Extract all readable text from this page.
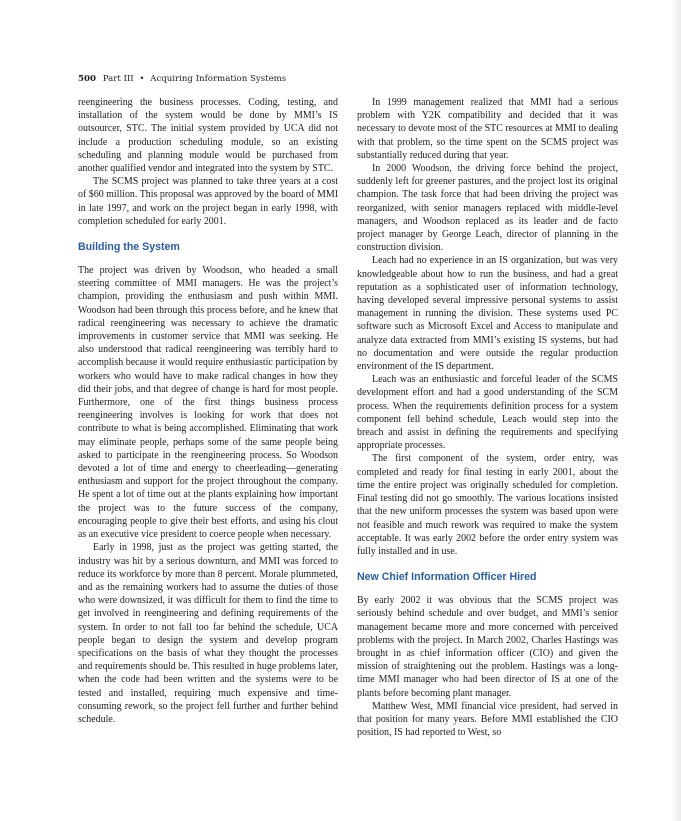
500 Part III • Acquiring Information Systems

reengineering the business processes. Coding, testing, and installation of the system would be done by MMI’s IS outsourcer, STC. The initial system provided by UCA did not include a production scheduling module, so an existing scheduling and planning module would be purchased from another qualified vendor and integrated into the system by STC.

The SCMS project was planned to take three years at a cost of $60 million. This proposal was approved by the board of MMI in late 1997, and work on the project began in early 1998, with completion scheduled for early 2001.

Building the System

The project was driven by Woodson, who headed a small steering committee of MMI managers. He was the project’s champion, providing the enthusiasm and push within MMI. Woodson had been through this process before, and he knew that radical reengineering was necessary to achieve the dramatic improvements in customer service that MMI was seeking. He also understood that radical reengineering was terribly hard to accomplish because it would require enthusiastic participation by workers who would have to make radical changes in how they did their jobs, and that degree of change is hard for most people. Furthermore, one of the first things business process reengineering involves is looking for work that does not contribute to what is being accomplished. Eliminating that work may eliminate people, perhaps some of the same people being asked to participate in the reengineering process. So Woodson devoted a lot of time and energy to cheerleading—generating enthusiasm and support for the project throughout the company. He spent a lot of time out at the plants explaining how important the project was to the future success of the company, encouraging people to give their best efforts, and using his clout as an executive vice president to coerce people when necessary.

Early in 1998, just as the project was getting started, the industry was hit by a serious downturn, and MMI was forced to reduce its workforce by more than 8 percent. Morale plummeted, and as the remaining workers had to assume the duties of those who were downsized, it was difficult for them to find the time to get involved in reengineering and defining requirements of the system. In order to not fall too far behind the schedule, UCA people began to design the system and develop program specifications on the basis of what they thought the processes and requirements should be. This resulted in huge problems later, when the code had been written and the systems were to be tested and installed, requiring much expensive and time-consuming rework, so the project fell further and further behind schedule.

In 1999 management realized that MMI had a serious problem with Y2K compatibility and decided that it was necessary to devote most of the STC resources at MMI to dealing with that problem, so the time spent on the SCMS project was substantially reduced during that year.

In 2000 Woodson, the driving force behind the project, suddenly left for greener pastures, and the project lost its original champion. The task force that had been driving the project was reorganized, with senior managers replaced with middle-level managers, and Woodson replaced as its leader and de facto project manager by George Leach, director of planning in the construction division.

Leach had no experience in an IS organization, but was very knowledgeable about how to run the business, and had a great reputation as a sophisticated user of information technology, having developed several impressive personal systems to assist management in running the division. These systems used PC software such as Microsoft Excel and Access to manipulate and analyze data extracted from MMI’s existing IS systems, but had no documentation and were outside the regular production environment of the IS department.

Leach was an enthusiastic and forceful leader of the SCMS development effort and had a good understanding of the SCM process. When the requirements definition process for a system component fell behind schedule, Leach would step into the breach and assist in defining the requirements and specifying appropriate processes.

The first component of the system, order entry, was completed and ready for final testing in early 2001, about the time the entire project was originally scheduled for completion. Final testing did not go smoothly. The various locations insisted that the new uniform processes the system was based upon were not feasible and much rework was required to make the system acceptable. It was early 2002 before the order entry system was fully installed and in use.

New Chief Information Officer Hired

By early 2002 it was obvious that the SCMS project was seriously behind schedule and over budget, and MMI’s senior management became more and more concerned with perceived problems with the project. In March 2002, Charles Hastings was brought in as chief information officer (CIO) and given the mission of straightening out the problem. Hastings was a long-time MMI manager who had been director of IS at one of the plants before becoming plant manager.

Matthew West, MMI financial vice president, had served in that position for many years. Before MMI established the CIO position, IS had reported to West, so
